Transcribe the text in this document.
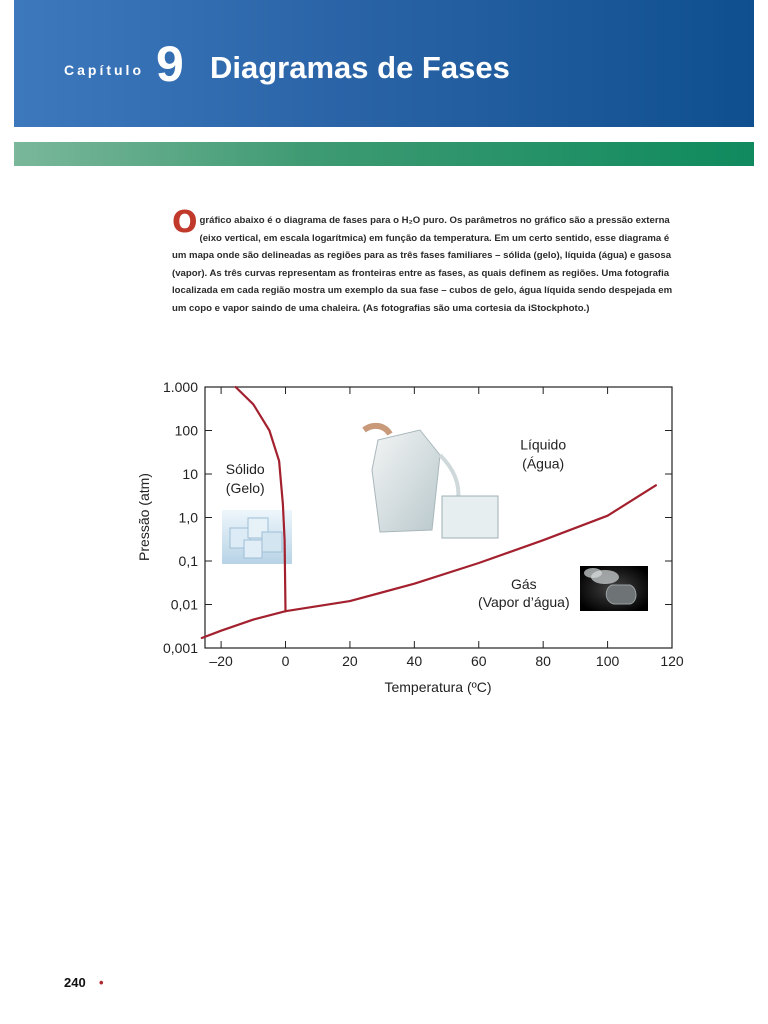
Capítulo 9 Diagramas de Fases
O gráfico abaixo é o diagrama de fases para o H₂O puro. Os parâmetros no gráfico são a pressão externa (eixo vertical, em escala logarítmica) em função da temperatura. Em um certo sentido, esse diagrama é um mapa onde são delineadas as regiões para as três fases familiares – sólida (gelo), líquida (água) e gasosa (vapor). As três curvas representam as fronteiras entre as fases, as quais definem as regiões. Uma fotografia localizada em cada região mostra um exemplo da sua fase – cubos de gelo, água líquida sendo despejada em um copo e vapor saindo de uma chaleira. (As fotografias são uma cortesia da iStockphoto.)
–20	0	20	40	60	80	100	120
0,001
0,01
0,1
1,0
10
100
1.000
Sólido
(Gelo)
Líquido
(Água)
Gás
(Vapor d’água)
Temperatura (ºC)
Pressão (atm)
240 •
